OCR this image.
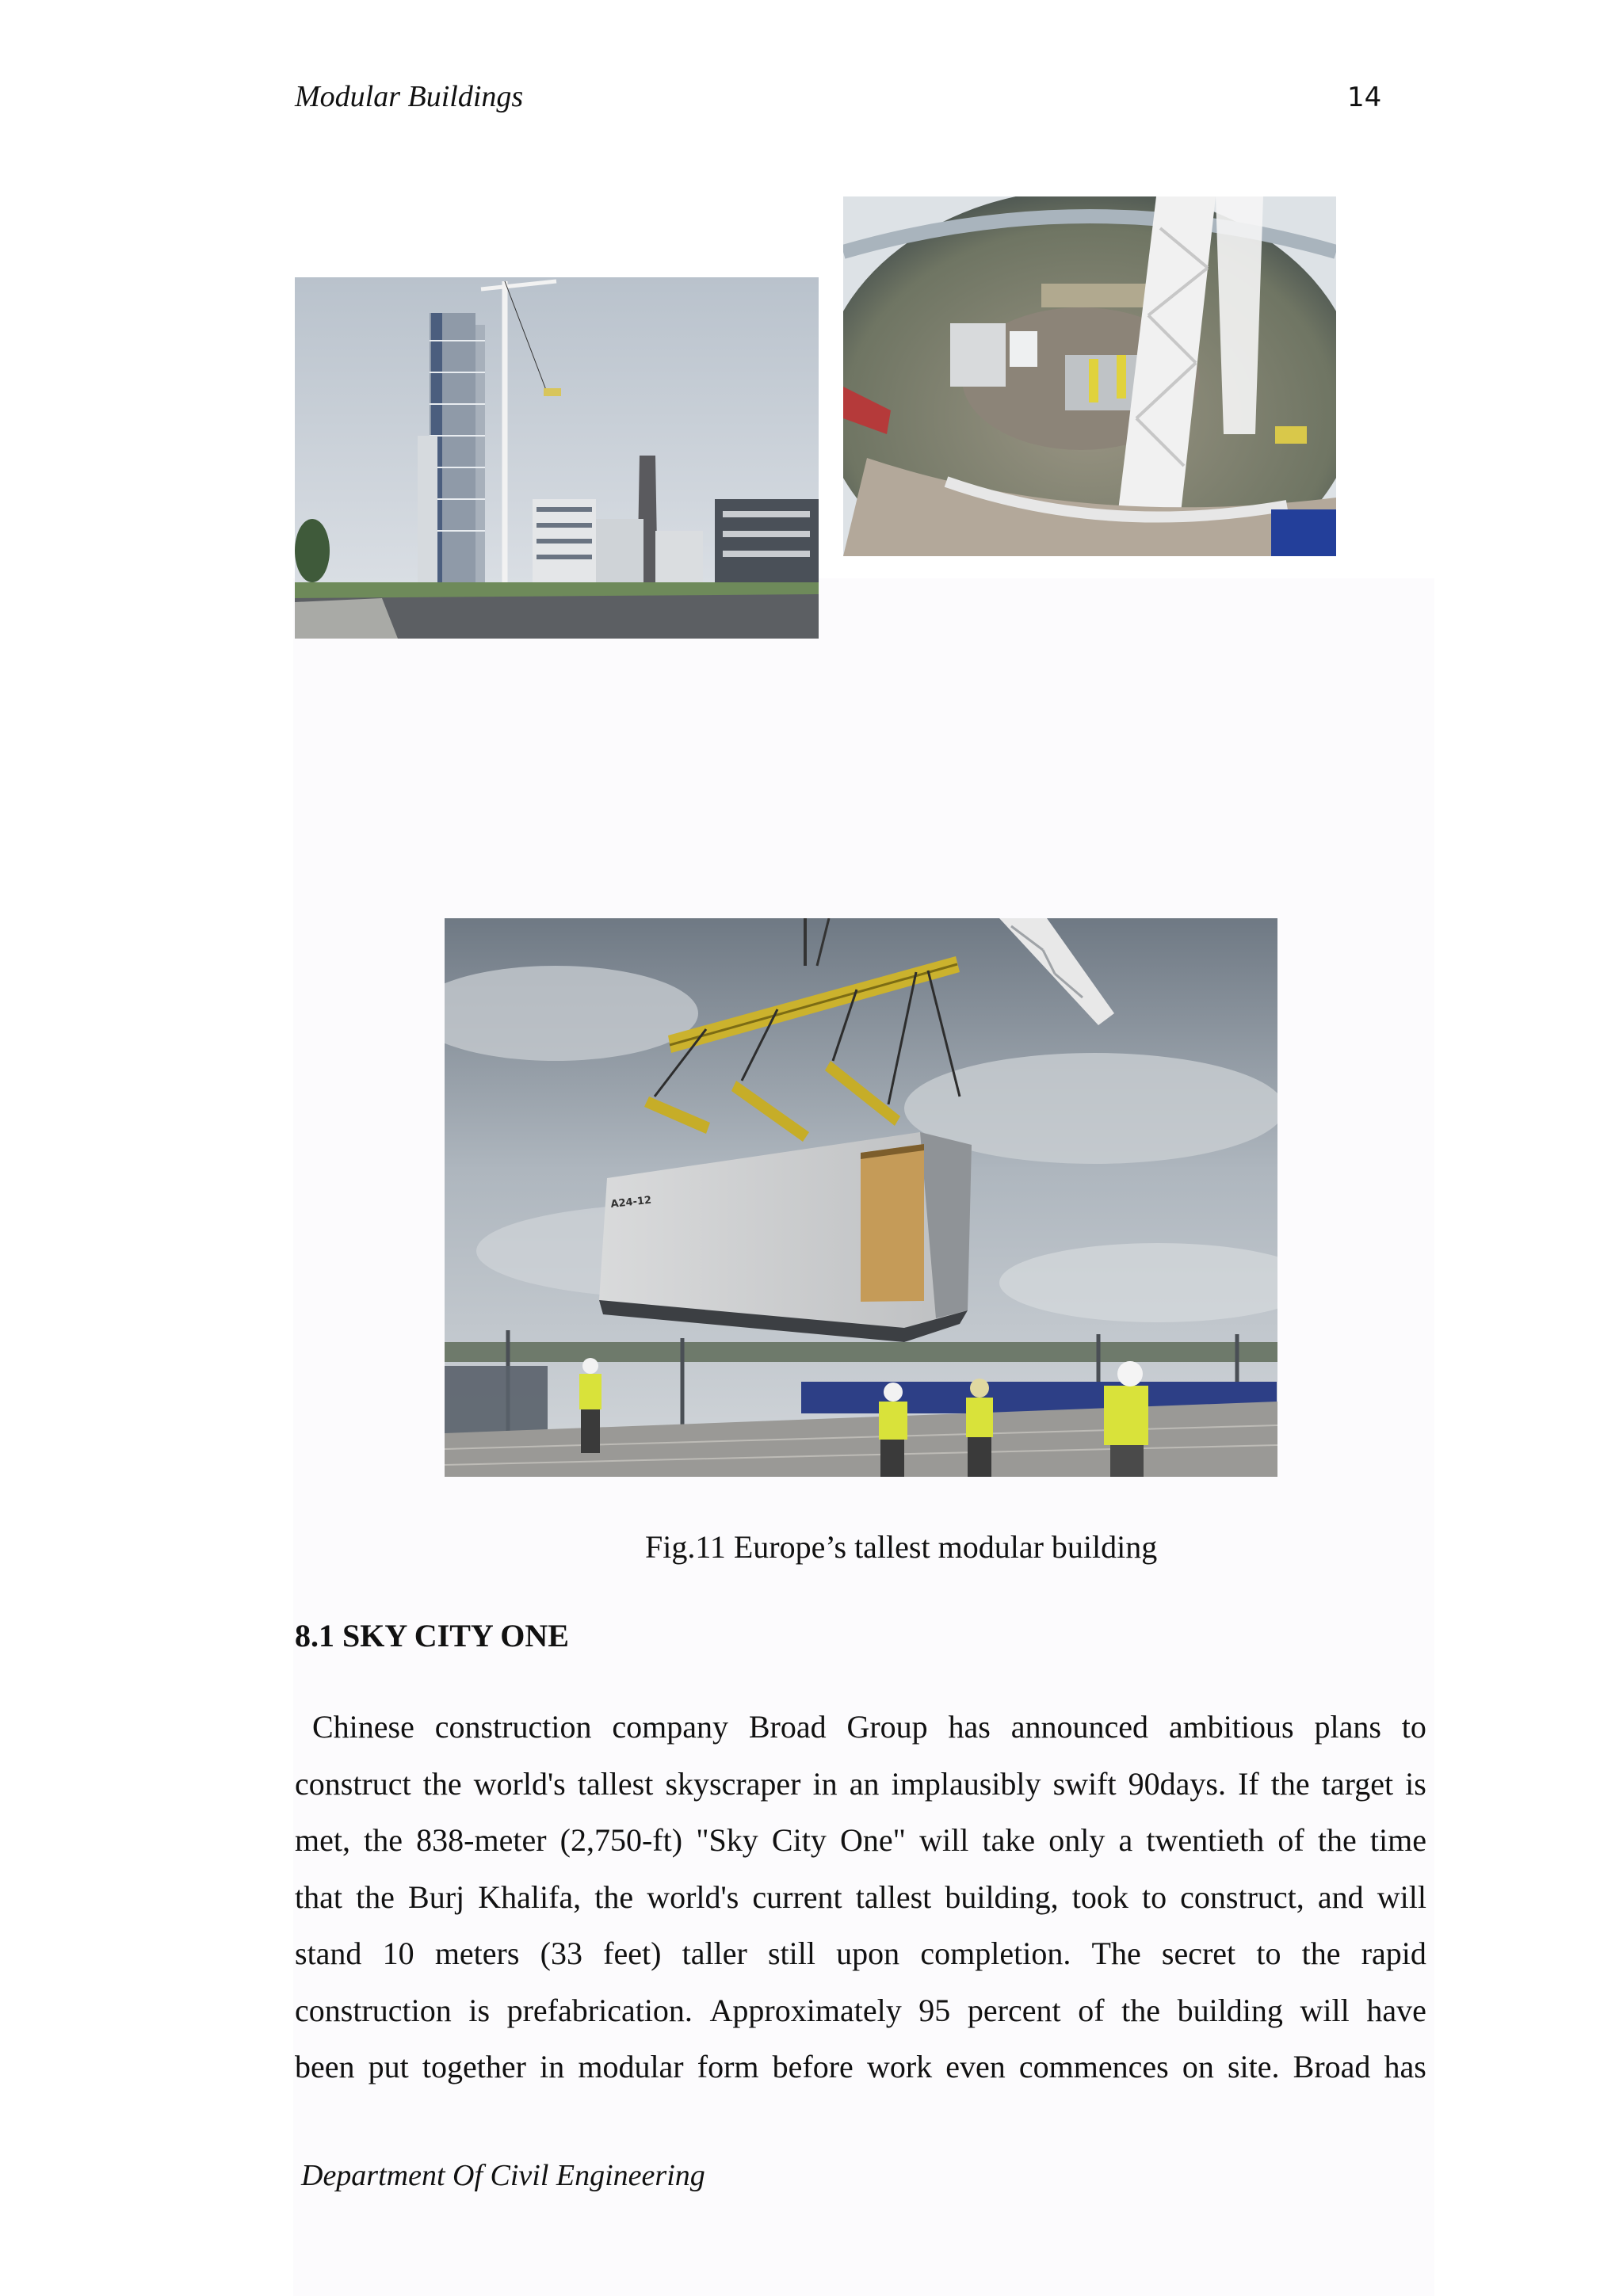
Modular Buildings	14
A24-12
Fig.11 Europe’s tallest modular building
8.1 SKY CITY ONE
Chinese construction company Broad Group has announced ambitious plans to
construct the world's tallest skyscraper in an implausibly swift 90days. If the target is
met, the 838-meter (2,750-ft) "Sky City One" will take only a twentieth of the time
that the Burj Khalifa, the world's current tallest building, took to construct, and will
stand 10 meters (33 feet) taller still upon completion. The secret to the rapid
construction is prefabrication. Approximately 95 percent of the building will have
been put together in modular form before work even commences on site. Broad has
Department Of Civil Engineering
